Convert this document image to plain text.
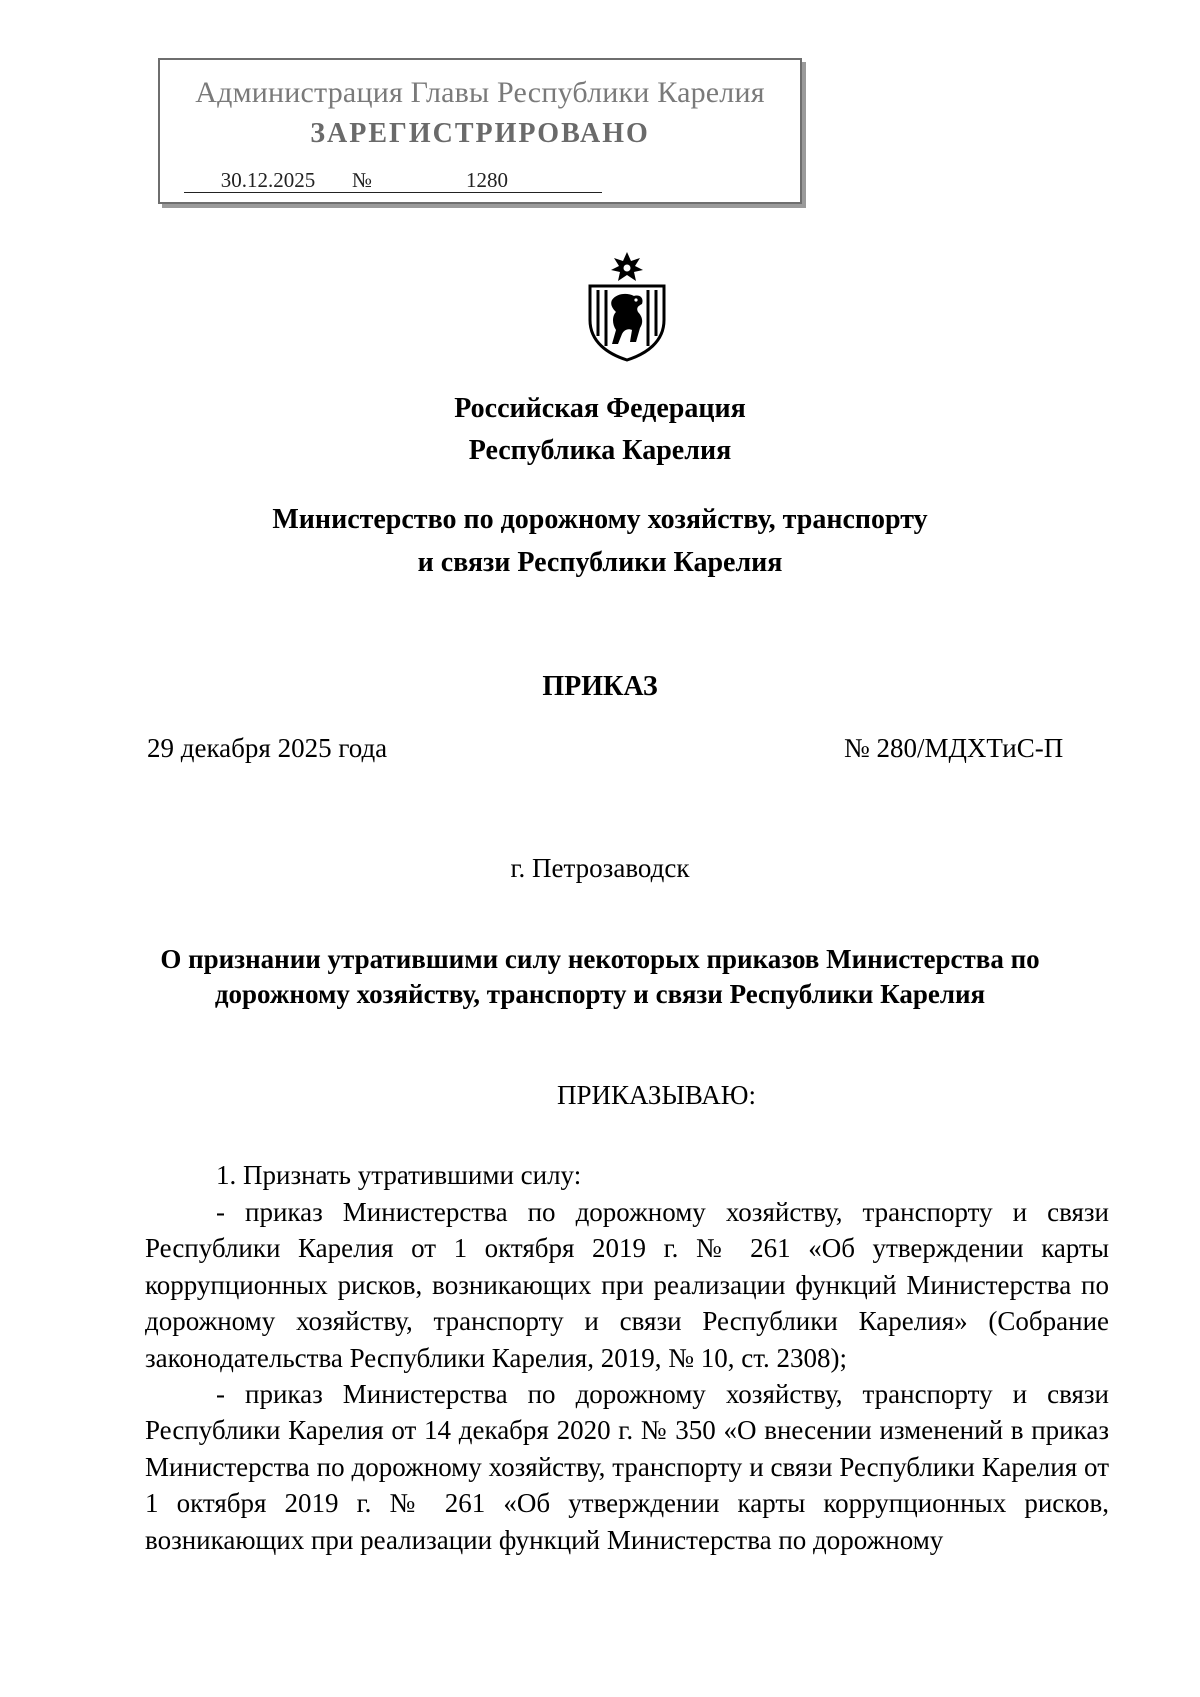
Администрация Главы Республики Карелия
ЗАРЕГИСТРИРОВАНО
30.12.2025 №	1280
Российская Федерация
Республика Карелия
Министерство по дорожному хозяйству, транспорту
и связи Республики Карелия
ПРИКАЗ
29 декабря 2025 года	№ 280/МДХТиС-П
г. Петрозаводск
О признании утратившими силу некоторых приказов Министерства по
дорожному хозяйству, транспорту и связи Республики Карелия
ПРИКАЗЫВАЮ:
1. Признать утратившими силу:
- приказ Министерства по дорожному хозяйству, транспорту и связи Республики Карелия от 1 октября 2019 г. № 261 «Об утверждении карты коррупционных рисков, возникающих при реализации функций Министерства по дорожному хозяйству, транспорту и связи Республики Карелия» (Собрание законодательства Республики Карелия, 2019, № 10, ст. 2308);
- приказ Министерства по дорожному хозяйству, транспорту и связи Республики Карелия от 14 декабря 2020 г. № 350 «О внесении изменений в приказ Министерства по дорожному хозяйству, транспорту и связи Республики Карелия от 1 октября 2019 г. № 261 «Об утверждении карты коррупционных рисков, возникающих при реализации функций Министерства по дорожному
